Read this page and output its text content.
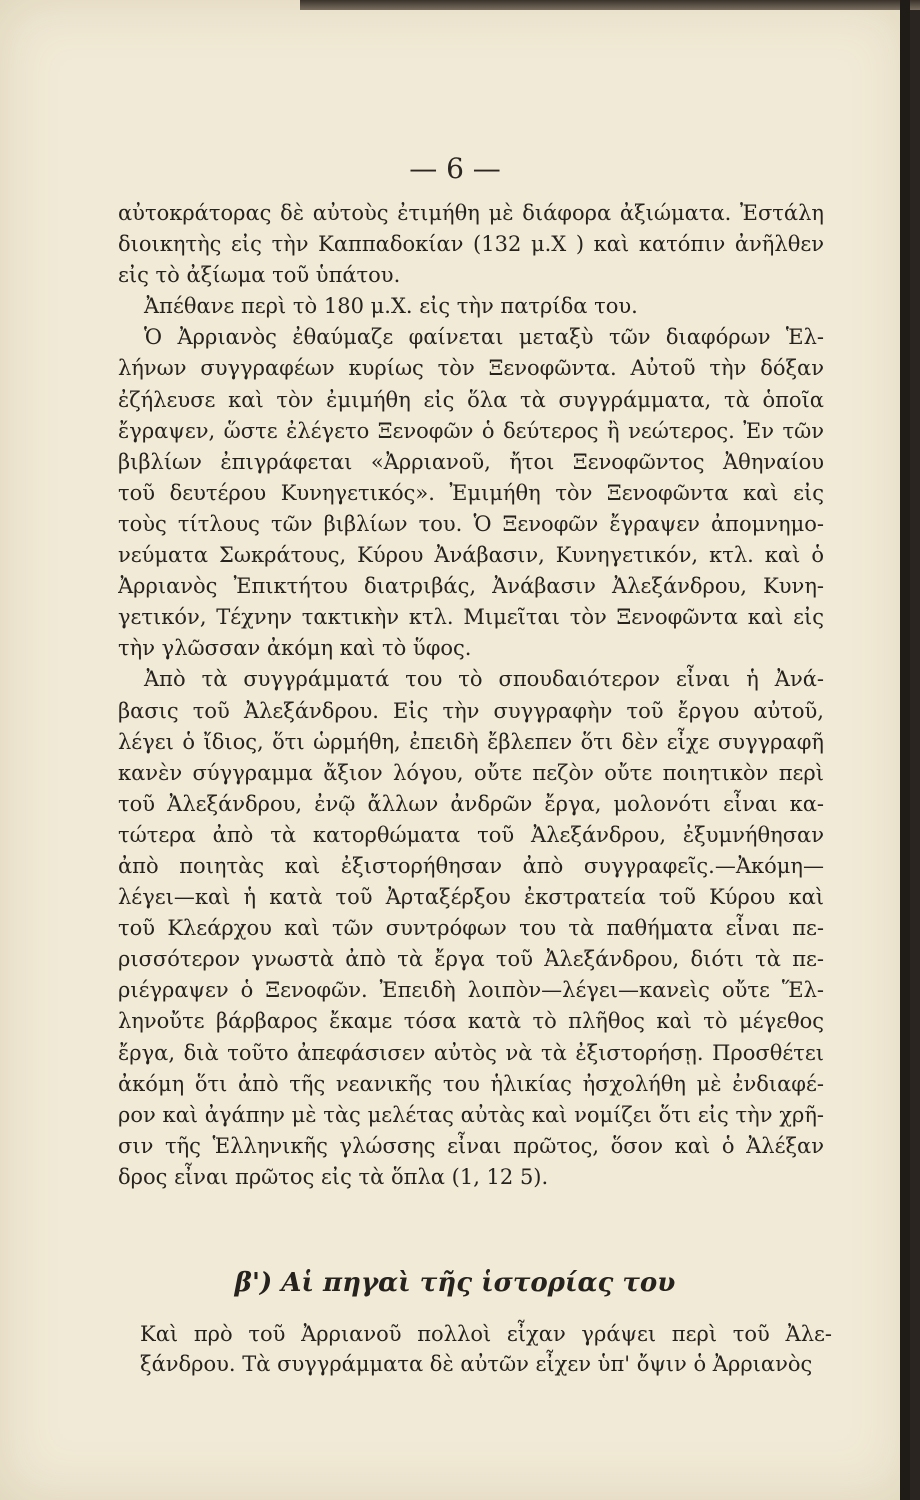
— 6 —
αὐτοκράτορας δὲ αὐτοὺς ἐτιμήθη μὲ διάφορα ἀξιώματα. Ἐστάλη
διοικητὴς εἰς τὴν Καππαδοκίαν (132 μ.Χ ) καὶ κατόπιν ἀνῆλθεν
εἰς τὸ ἀξίωμα τοῦ ὑπάτου.
Ἀπέθανε περὶ τὸ 180 μ.Χ. εἰς τὴν πατρίδα του.
Ὁ Ἀρριανὸς ἐθαύμαζε φαίνεται μεταξὺ τῶν διαφόρων Ἑλ-
λήνων συγγραφέων κυρίως τὸν Ξενοφῶντα. Αὐτοῦ τὴν δόξαν
ἐζήλευσε καὶ τὸν ἐμιμήθη εἰς ὅλα τὰ συγγράμματα, τὰ ὁποῖα
ἔγραψεν, ὥστε ἐλέγετο Ξενοφῶν ὁ δεύτερος ἢ νεώτερος. Ἐν τῶν
βιβλίων ἐπιγράφεται «Ἀρριανοῦ, ἤτοι Ξενοφῶντος Ἀθηναίου
τοῦ δευτέρου Κυνηγετικός». Ἐμιμήθη τὸν Ξενοφῶντα καὶ εἰς
τοὺς τίτλους τῶν βιβλίων του. Ὁ Ξενοφῶν ἔγραψεν ἀπομνημο-
νεύματα Σωκράτους, Κύρου Ἀνάβασιν, Κυνηγετικόν, κτλ. καὶ ὁ
Ἀρριανὸς Ἐπικτήτου διατριβάς, Ἀνάβασιν Ἀλεξάνδρου, Κυνη-
γετικόν, Τέχνην τακτικὴν κτλ. Μιμεῖται τὸν Ξενοφῶντα καὶ εἰς
τὴν γλῶσσαν ἀκόμη καὶ τὸ ὕφος.
Ἀπὸ τὰ συγγράμματά του τὸ σπουδαιότερον εἶναι ἡ Ἀνά-
βασις τοῦ Ἀλεξάνδρου. Εἰς τὴν συγγραφὴν τοῦ ἔργου αὐτοῦ,
λέγει ὁ ἴδιος, ὅτι ὡρμήθη, ἐπειδὴ ἔβλεπεν ὅτι δὲν εἶχε συγγραφῆ
κανὲν σύγγραμμα ἄξιον λόγου, οὔτε πεζὸν οὔτε ποιητικὸν περὶ
τοῦ Ἀλεξάνδρου, ἐνῷ ἄλλων ἀνδρῶν ἔργα, μολονότι εἶναι κα-
τώτερα ἀπὸ τὰ κατορθώματα τοῦ Ἀλεξάνδρου, ἐξυμνήθησαν
ἀπὸ ποιητὰς καὶ ἐξιστορήθησαν ἀπὸ συγγραφεῖς.—Ἀκόμη—
λέγει—καὶ ἡ κατὰ τοῦ Ἀρταξέρξου ἐκστρατεία τοῦ Κύρου καὶ
τοῦ Κλεάρχου καὶ τῶν συντρόφων του τὰ παθήματα εἶναι πε-
ρισσότερον γνωστὰ ἀπὸ τὰ ἔργα τοῦ Ἀλεξάνδρου, διότι τὰ πε-
ριέγραψεν ὁ Ξενοφῶν. Ἐπειδὴ λοιπὸν—λέγει—κανεὶς οὔτε Ἕλ-
ληνοὔτε βάρβαρος ἔκαμε τόσα κατὰ τὸ πλῆθος καὶ τὸ μέγεθος
ἔργα, διὰ τοῦτο ἀπεφάσισεν αὐτὸς νὰ τὰ ἐξιστορήσῃ. Προσθέτει
ἀκόμη ὅτι ἀπὸ τῆς νεανικῆς του ἡλικίας ἠσχολήθη μὲ ἐνδιαφέ-
ρον καὶ ἀγάπην μὲ τὰς μελέτας αὐτὰς καὶ νομίζει ὅτι εἰς τὴν χρῆ-
σιν τῆς Ἑλληνικῆς γλώσσης εἶναι πρῶτος, ὅσον καὶ ὁ Ἀλέξαν
δρος εἶναι πρῶτος εἰς τὰ ὅπλα (1, 12 5).
β') Αἱ πηγαὶ τῆς ἱστορίας του
Καὶ πρὸ τοῦ Ἀρριανοῦ πολλοὶ εἶχαν γράψει περὶ τοῦ Ἀλε-
ξάνδρου. Τὰ συγγράμματα δὲ αὐτῶν εἶχεν ὑπ' ὄψιν ὁ Ἀρριανὸς
